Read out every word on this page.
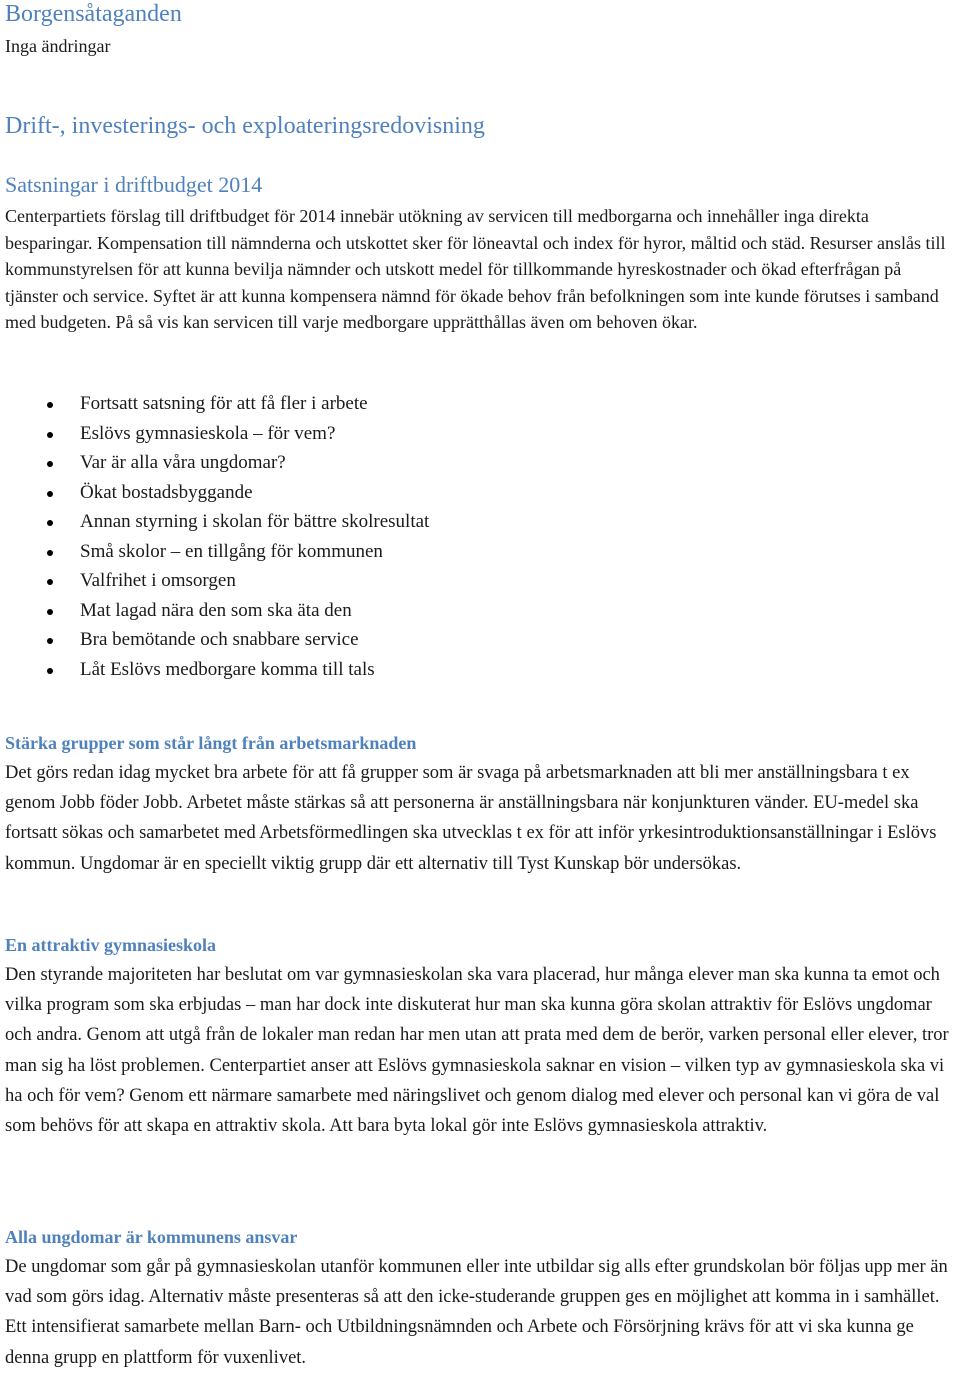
Borgensåtaganden

Inga ändringar

Drift-, investerings- och exploateringsredovisning
Satsningar i driftbudget 2014

Centerpartiets förslag till driftbudget för 2014 innebär utökning av servicen till medborgarna och innehåller inga direkta besparingar. Kompensation till nämnderna och utskottet sker för löneavtal och index för hyror, måltid och städ. Resurser anslås till kommunstyrelsen för att kunna bevilja nämnder och utskott medel för tillkommande hyreskostnader och ökad efterfrågan på tjänster och service. Syftet är att kunna kompensera nämnd för ökade behov från befolkningen som inte kunde förutses i samband med budgeten. På så vis kan servicen till varje medborgare upprätthållas även om behoven ökar.

Fortsatt satsning för att få fler i arbete
Eslövs gymnasieskola – för vem?
Var är alla våra ungdomar?
Ökat bostadsbyggande
Annan styrning i skolan för bättre skolresultat
Små skolor – en tillgång för kommunen
Valfrihet i omsorgen
Mat lagad nära den som ska äta den
Bra bemötande och snabbare service
Låt Eslövs medborgare komma till tals
Stärka grupper som står långt från arbetsmarknaden

Det görs redan idag mycket bra arbete för att få grupper som är svaga på arbetsmarknaden att bli mer anställningsbara t ex genom Jobb föder Jobb. Arbetet måste stärkas så att personerna är anställningsbara när konjunkturen vänder. EU-medel ska fortsatt sökas och samarbetet med Arbetsförmedlingen ska utvecklas t ex för att inför yrkesintroduktionsanställningar i Eslövs kommun. Ungdomar är en speciellt viktig grupp där ett alternativ till Tyst Kunskap bör undersökas.

En attraktiv gymnasieskola

Den styrande majoriteten har beslutat om var gymnasieskolan ska vara placerad, hur många elever man ska kunna ta emot och vilka program som ska erbjudas – man har dock inte diskuterat hur man ska kunna göra skolan attraktiv för Eslövs ungdomar och andra. Genom att utgå från de lokaler man redan har men utan att prata med dem de berör, varken personal eller elever, tror man sig ha löst problemen. Centerpartiet anser att Eslövs gymnasieskola saknar en vision – vilken typ av gymnasieskola ska vi ha och för vem? Genom ett närmare samarbete med näringslivet och genom dialog med elever och personal kan vi göra de val som behövs för att skapa en attraktiv skola. Att bara byta lokal gör inte Eslövs gymnasieskola attraktiv.

Alla ungdomar är kommunens ansvar

De ungdomar som går på gymnasieskolan utanför kommunen eller inte utbildar sig alls efter grundskolan bör följas upp mer än vad som görs idag. Alternativ måste presenteras så att den icke-studerande gruppen ges en möjlighet att komma in i samhället. Ett intensifierat samarbete mellan Barn- och Utbildningsnämnden och Arbete och Försörjning krävs för att vi ska kunna ge denna grupp en plattform för vuxenlivet.
